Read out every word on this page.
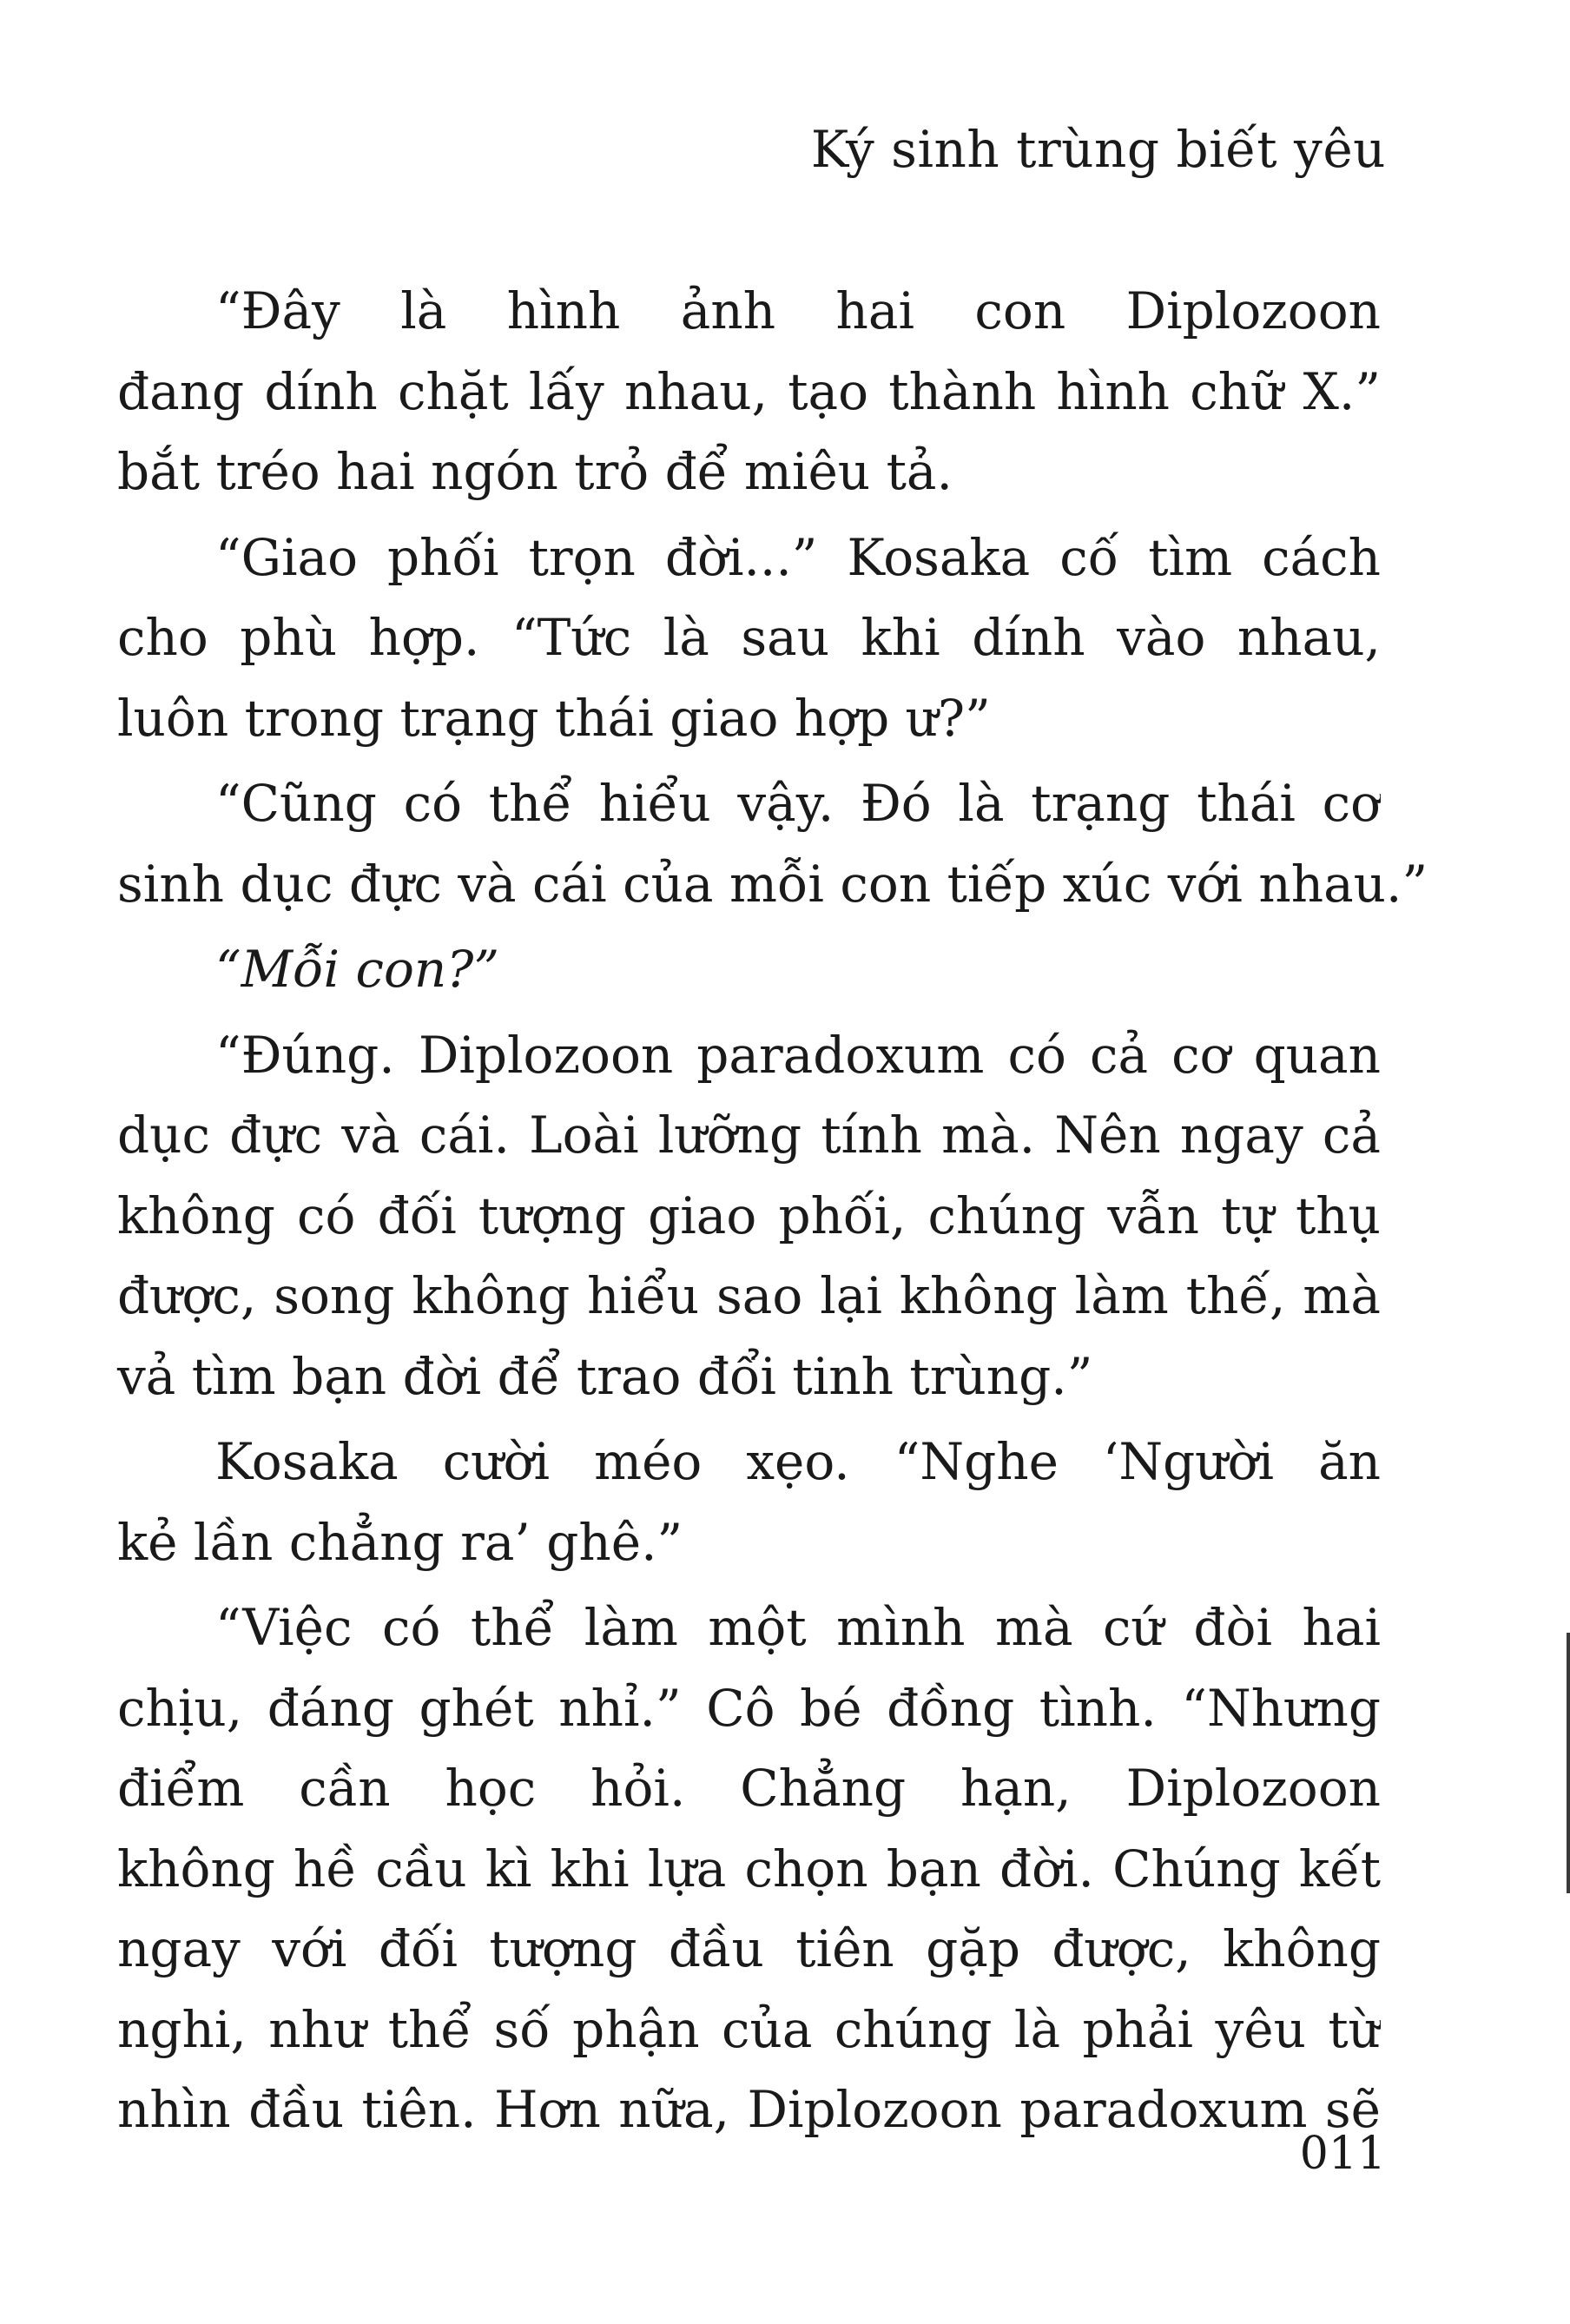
Ký sinh trùng biết yêu
“Đây là hình ảnh hai con Diplozoon
đang dính chặt lấy nhau, tạo thành hình chữ X.”
bắt tréo hai ngón trỏ để miêu tả.
“Giao phối trọn đời...” Kosaka cố tìm cách
cho phù hợp. “Tức là sau khi dính vào nhau,
luôn trong trạng thái giao hợp ư?”
“Cũng có thể hiểu vậy. Đó là trạng thái cơ
sinh dục đực và cái của mỗi con tiếp xúc với nhau.”
“Mỗi con?”
“Đúng. Diplozoon paradoxum có cả cơ quan
dục đực và cái. Loài lưỡng tính mà. Nên ngay cả
không có đối tượng giao phối, chúng vẫn tự thụ
được, song không hiểu sao lại không làm thế, mà
vả tìm bạn đời để trao đổi tinh trùng.”
Kosaka cười méo xẹo. “Nghe ‘Người ăn
kẻ lần chẳng ra’ ghê.”
“Việc có thể làm một mình mà cứ đòi hai
chịu, đáng ghét nhỉ.” Cô bé đồng tình. “Nhưng
điểm cần học hỏi. Chẳng hạn, Diplozoon
không hề cầu kì khi lựa chọn bạn đời. Chúng kết
ngay với đối tượng đầu tiên gặp được, không
nghi, như thể số phận của chúng là phải yêu từ
nhìn đầu tiên. Hơn nữa, Diplozoon paradoxum sẽ
011
